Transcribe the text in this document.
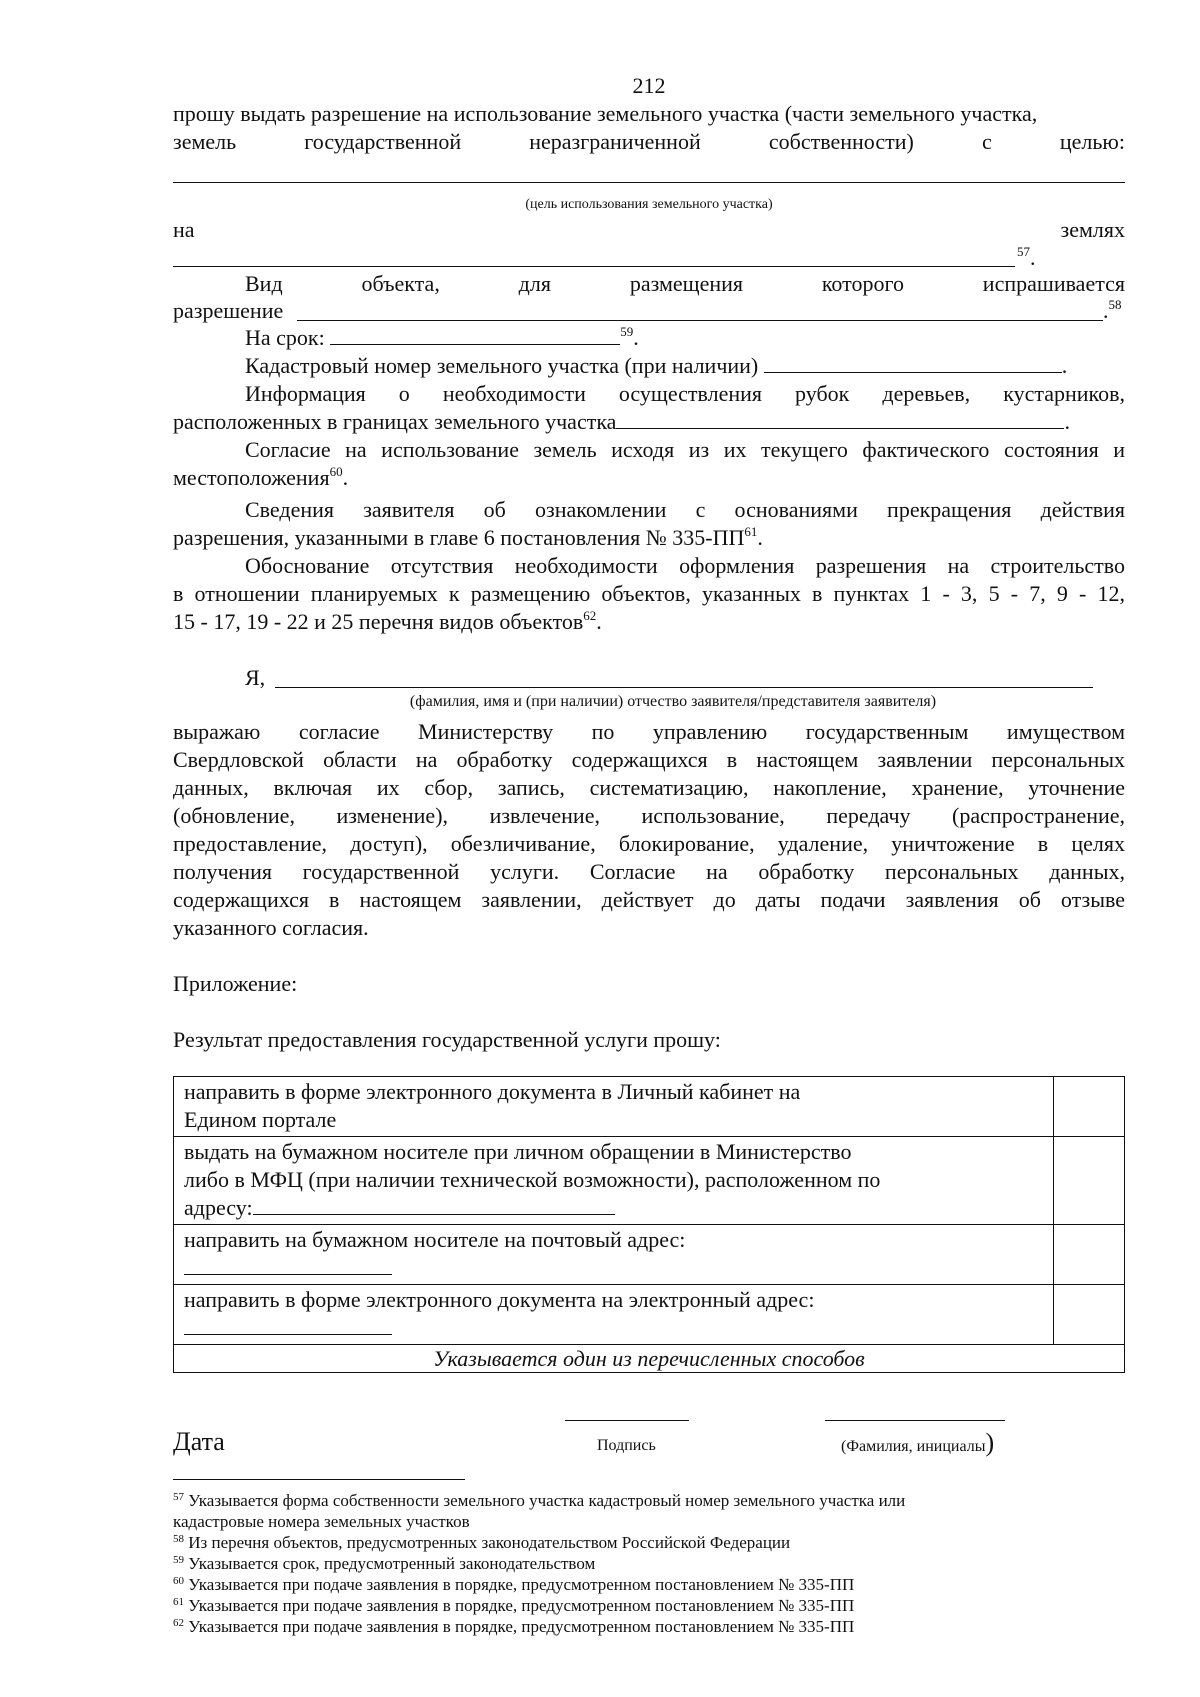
212
прошу выдать разрешение на использование земельного участка (части земельного участка,
земель	государственной	неразграниченной	собственности)	с	целью:
(цель использования земельного участка)
на	землях
$^{57}$.
Вид	объекта,	для	размещения	которого	испрашивается
разрешение	.$^{58}$
На срок:	$^{59}$.
Кадастровый номер земельного участка (при наличии)	.
Информация о необходимости осуществления рубок деревьев, кустарников,
расположенных в границах земельного участка	.
Согласие на использование земель исходя из их текущего фактического состояния и
местоположения$^{60}$.
Сведения заявителя об ознакомлении с основаниями прекращения действия
разрешения, указанными в главе 6 постановления № 335-ПП$^{61}$.
Обоснование отсутствия необходимости оформления разрешения на строительство
в отношении планируемых к размещению объектов, указанных в пунктах 1 - 3, 5 - 7, 9 - 12,
15 - 17, 19 - 22 и 25 перечня видов объектов$^{62}$.
Я,
(фамилия, имя и (при наличии) отчество заявителя/представителя заявителя)
выражаю согласие Министерству по управлению государственным имуществом
Свердловской области на обработку содержащихся в настоящем заявлении персональных
данных, включая их сбор, запись, систематизацию, накопление, хранение, уточнение
(обновление, изменение), извлечение, использование, передачу (распространение,
предоставление, доступ), обезличивание, блокирование, удаление, уничтожение в целях
получения государственной услуги. Согласие на обработку персональных данных,
содержащихся в настоящем заявлении, действует до даты подачи заявления об отзыве
указанного согласия.
Приложение:
Результат предоставления государственной услуги прошу:
направить в форме электронного документа в Личный кабинет на
Едином портале	

выдать на бумажном носителе при личном обращении в Министерство
либо в МФЦ (при наличии технической возможности), расположенном по
адресу:	

направить на бумажном носителе на почтовый адрес:	

направить в форме электронного документа на электронный адрес:	

Указывается один из перечисленных способов	
Дата	Подпись	(Фамилия, инициалы)
$^{57}$ Указывается форма собственности земельного участка кадастровый номер земельного участка или
кадастровые номера земельных участков
$^{58}$ Из перечня объектов, предусмотренных законодательством Российской Федерации
$^{59}$ Указывается срок, предусмотренный законодательством
$^{60}$ Указывается при подаче заявления в порядке, предусмотренном постановлением № 335-ПП
$^{61}$ Указывается при подаче заявления в порядке, предусмотренном постановлением № 335-ПП
$^{62}$ Указывается при подаче заявления в порядке, предусмотренном постановлением № 335-ПП
